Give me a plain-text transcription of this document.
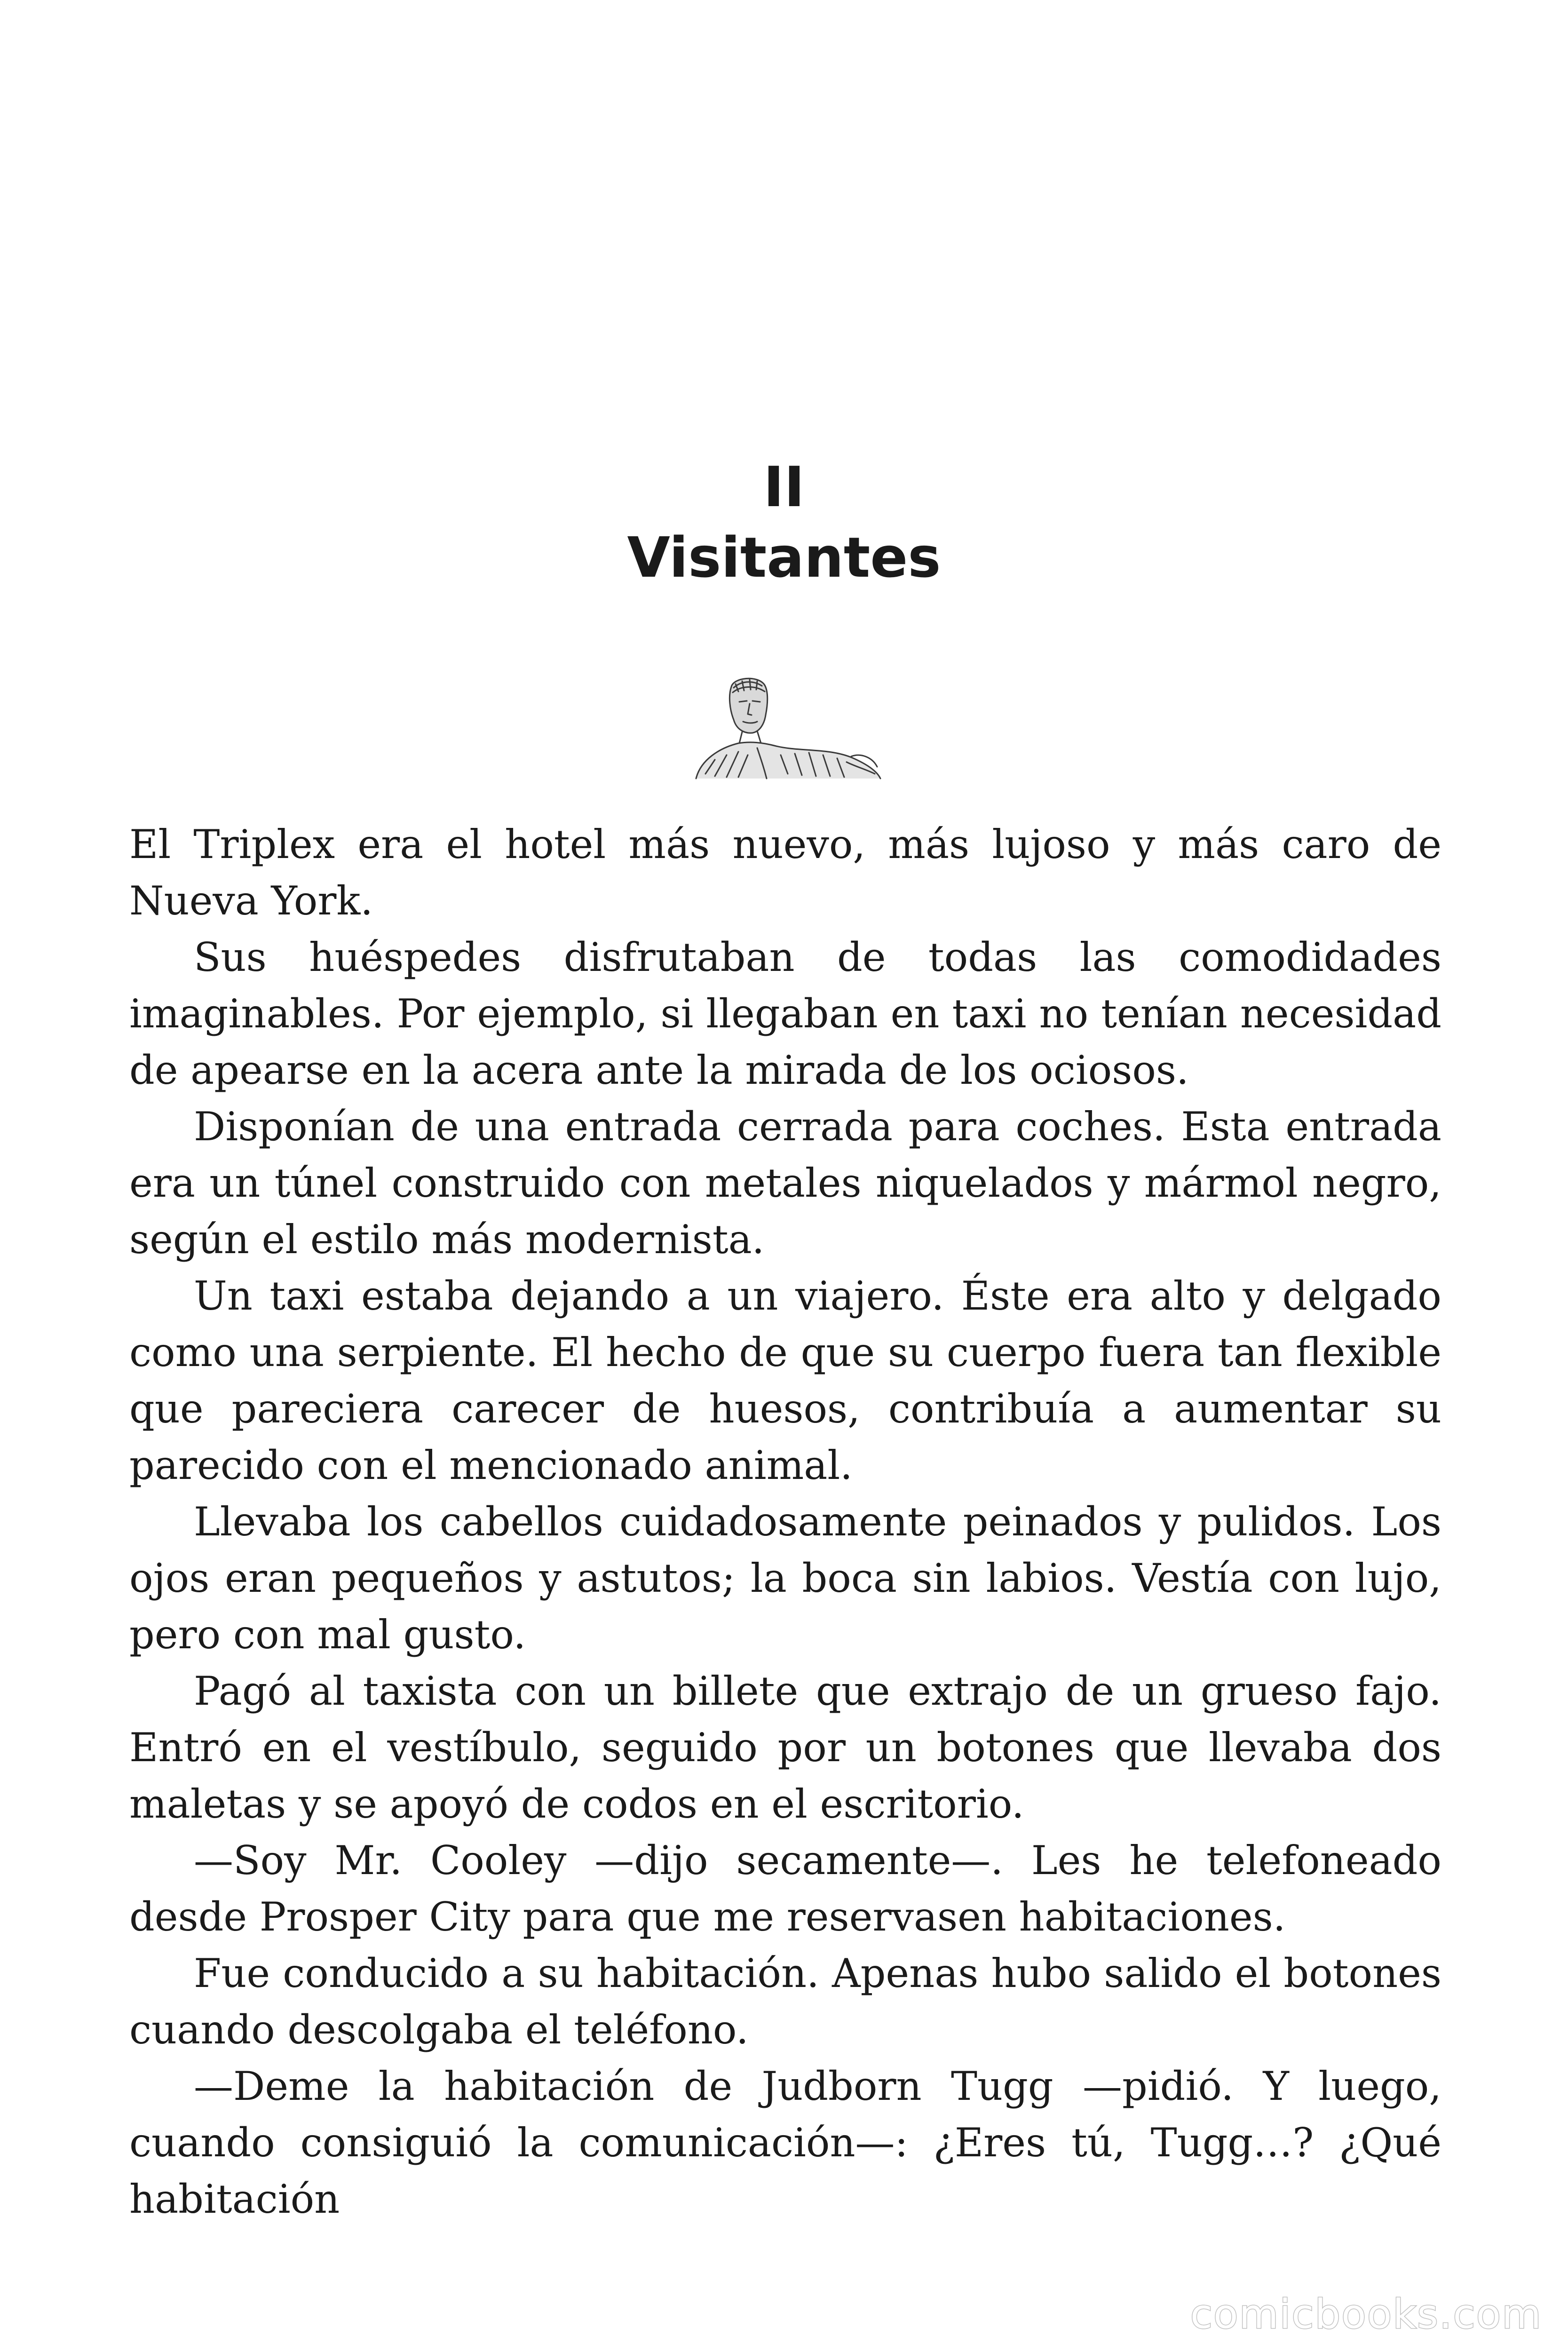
II
Visitantes

El Triplex era el hotel más nuevo, más lujoso y más caro de Nueva York.

Sus huéspedes disfrutaban de todas las comodidades imaginables. Por ejemplo, si llegaban en taxi no tenían necesidad de apearse en la acera ante la mirada de los ociosos.

Disponían de una entrada cerrada para coches. Esta entrada era un túnel construido con metales niquelados y mármol negro, según el estilo más modernista.

Un taxi estaba dejando a un viajero. Éste era alto y delgado como una serpiente. El hecho de que su cuerpo fuera tan flexible que pareciera carecer de huesos, contribuía a aumentar su parecido con el mencionado animal.

Llevaba los cabellos cuidadosamente peinados y pulidos. Los ojos eran pequeños y astutos; la boca sin labios. Vestía con lujo, pero con mal gusto.

Pagó al taxista con un billete que extrajo de un grueso fajo. Entró en el vestíbulo, seguido por un botones que llevaba dos maletas y se apoyó de codos en el escritorio.

—Soy Mr. Cooley —dijo secamente—. Les he telefoneado desde Prosper City para que me reservasen habitaciones.

Fue conducido a su habitación. Apenas hubo salido el botones cuando descolgaba el teléfono.

—Deme la habitación de Judborn Tugg —pidió. Y luego, cuando consiguió la comunicación—: ¿Eres tú, Tugg…? ¿Qué habitación

comicbooks.com
